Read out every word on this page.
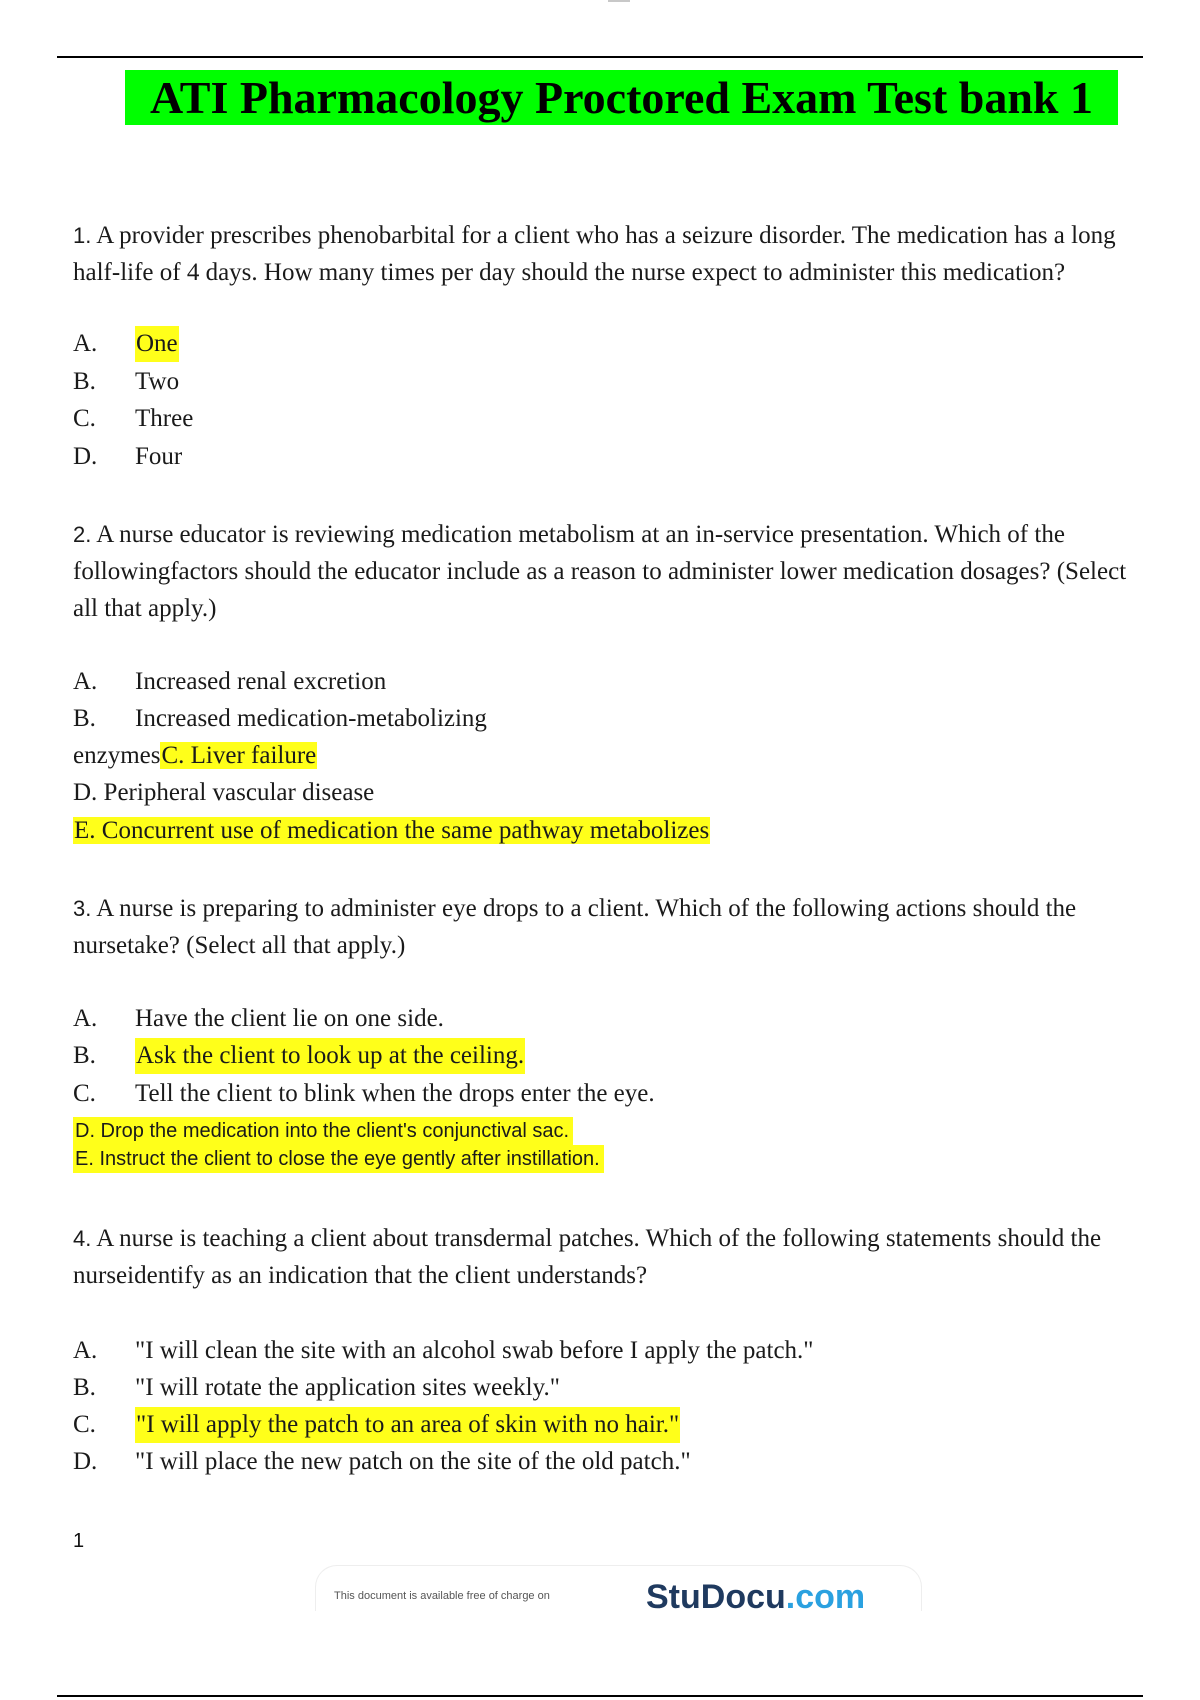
ATI Pharmacology Proctored Exam Test bank 1
1. A provider prescribes phenobarbital for a client who has a seizure disorder. The medication has a long half-life of 4 days. How many times per day should the nurse expect to administer this medication?
A. One
B. Two
C. Three
D. Four
2. A nurse educator is reviewing medication metabolism at an in-service presentation. Which of the followingfactors should the educator include as a reason to administer lower medication dosages? (Select all that apply.)
A. Increased renal excretion
B. Increased medication-metabolizing
enzymesC. Liver failure
D. Peripheral vascular disease
E. Concurrent use of medication the same pathway metabolizes
3. A nurse is preparing to administer eye drops to a client. Which of the following actions should the nursetake? (Select all that apply.)
A. Have the client lie on one side.
B. Ask the client to look up at the ceiling.
C. Tell the client to blink when the drops enter the eye.
D. Drop the medication into the client's conjunctival sac.
E. Instruct the client to close the eye gently after instillation.
4. A nurse is teaching a client about transdermal patches. Which of the following statements should the nurseidentify as an indication that the client understands?
A. "I will clean the site with an alcohol swab before I apply the patch."
B. "I will rotate the application sites weekly."
C. "I will apply the patch to an area of skin with no hair."
D. "I will place the new patch on the site of the old patch."
1
This document is available free of charge on	StuDocu.com
